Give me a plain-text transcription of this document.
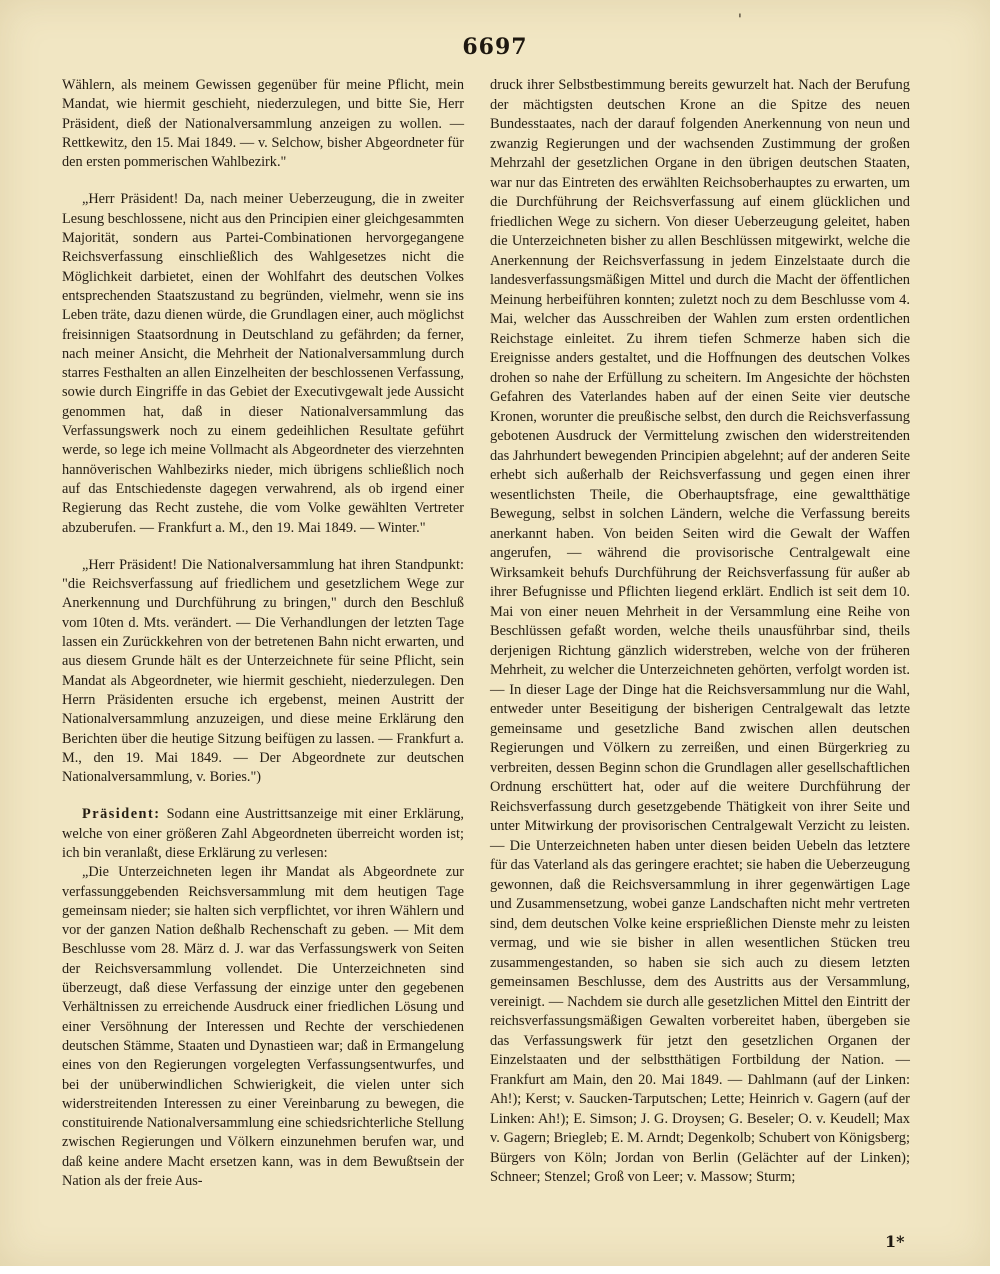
'
6697

Wählern, als meinem Gewissen gegenüber für meine Pflicht, mein Mandat, wie hiermit geschieht, niederzulegen, und bitte Sie, Herr Präsident, dieß der Nationalversammlung anzeigen zu wollen. — Rettkewitz, den 15. Mai 1849. — v. Selchow, bisher Abgeordneter für den ersten pommerischen Wahlbezirk."

„Herr Präsident! Da, nach meiner Ueberzeugung, die in zweiter Lesung beschlossene, nicht aus den Principien einer gleichgesammten Majorität, sondern aus Partei-Combinationen hervorgegangene Reichsverfassung einschließlich des Wahlgesetzes nicht die Möglichkeit darbietet, einen der Wohlfahrt des deutschen Volkes entsprechenden Staatszustand zu begründen, vielmehr, wenn sie ins Leben träte, dazu dienen würde, die Grundlagen einer, auch möglichst freisinnigen Staatsordnung in Deutschland zu gefährden; da ferner, nach meiner Ansicht, die Mehrheit der Nationalversammlung durch starres Festhalten an allen Einzelheiten der beschlossenen Verfassung, sowie durch Eingriffe in das Gebiet der Executivgewalt jede Aussicht genommen hat, daß in dieser Nationalversammlung das Verfassungswerk noch zu einem gedeihlichen Resultate geführt werde, so lege ich meine Vollmacht als Abgeordneter des vierzehnten hannöverischen Wahlbezirks nieder, mich übrigens schließlich noch auf das Entschiedenste dagegen verwahrend, als ob irgend einer Regierung das Recht zustehe, die vom Volke gewählten Vertreter abzuberufen. — Frankfurt a. M., den 19. Mai 1849. — Winter."

„Herr Präsident! Die Nationalversammlung hat ihren Standpunkt: "die Reichsverfassung auf friedlichem und gesetzlichem Wege zur Anerkennung und Durchführung zu bringen," durch den Beschluß vom 10ten d. Mts. verändert. — Die Verhandlungen der letzten Tage lassen ein Zurückkehren von der betretenen Bahn nicht erwarten, und aus diesem Grunde hält es der Unterzeichnete für seine Pflicht, sein Mandat als Abgeordneter, wie hiermit geschieht, niederzulegen. Den Herrn Präsidenten ersuche ich ergebenst, meinen Austritt der Nationalversammlung anzuzeigen, und diese meine Erklärung den Berichten über die heutige Sitzung beifügen zu lassen. — Frankfurt a. M., den 19. Mai 1849. — Der Abgeordnete zur deutschen Nationalversammlung, v. Bories.")

Präsident: Sodann eine Austrittsanzeige mit einer Erklärung, welche von einer größeren Zahl Abgeordneten überreicht worden ist; ich bin veranlaßt, diese Erklärung zu verlesen:

„Die Unterzeichneten legen ihr Mandat als Abgeordnete zur verfassunggebenden Reichsversammlung mit dem heutigen Tage gemeinsam nieder; sie halten sich verpflichtet, vor ihren Wählern und vor der ganzen Nation deßhalb Rechenschaft zu geben. — Mit dem Beschlusse vom 28. März d. J. war das Verfassungswerk von Seiten der Reichsversammlung vollendet. Die Unterzeichneten sind überzeugt, daß diese Verfassung der einzige unter den gegebenen Verhältnissen zu erreichende Ausdruck einer friedlichen Lösung und einer Versöhnung der Interessen und Rechte der verschiedenen deutschen Stämme, Staaten und Dynastieen war; daß in Ermangelung eines von den Regierungen vorgelegten Verfassungsentwurfes, und bei der unüberwindlichen Schwierigkeit, die vielen unter sich widerstreitenden Interessen zu einer Vereinbarung zu bewegen, die constituirende Nationalversammlung eine schiedsrichterliche Stellung zwischen Regierungen und Völkern einzunehmen berufen war, und daß keine andere Macht ersetzen kann, was in dem Bewußtsein der Nation als der freie Aus-

druck ihrer Selbstbestimmung bereits gewurzelt hat. Nach der Berufung der mächtigsten deutschen Krone an die Spitze des neuen Bundesstaates, nach der darauf folgenden Anerkennung von neun und zwanzig Regierungen und der wachsenden Zustimmung der großen Mehrzahl der gesetzlichen Organe in den übrigen deutschen Staaten, war nur das Eintreten des erwählten Reichsoberhauptes zu erwarten, um die Durchführung der Reichsverfassung auf einem glücklichen und friedlichen Wege zu sichern. Von dieser Ueberzeugung geleitet, haben die Unterzeichneten bisher zu allen Beschlüssen mitgewirkt, welche die Anerkennung der Reichsverfassung in jedem Einzelstaate durch die landesverfassungsmäßigen Mittel und durch die Macht der öffentlichen Meinung herbeiführen konnten; zuletzt noch zu dem Beschlusse vom 4. Mai, welcher das Ausschreiben der Wahlen zum ersten ordentlichen Reichstage einleitet. Zu ihrem tiefen Schmerze haben sich die Ereignisse anders gestaltet, und die Hoffnungen des deutschen Volkes drohen so nahe der Erfüllung zu scheitern. Im Angesichte der höchsten Gefahren des Vaterlandes haben auf der einen Seite vier deutsche Kronen, worunter die preußische selbst, den durch die Reichsverfassung gebotenen Ausdruck der Vermittelung zwischen den widerstreitenden das Jahrhundert bewegenden Principien abgelehnt; auf der anderen Seite erhebt sich außerhalb der Reichsverfassung und gegen einen ihrer wesentlichsten Theile, die Oberhauptsfrage, eine gewaltthätige Bewegung, selbst in solchen Ländern, welche die Verfassung bereits anerkannt haben. Von beiden Seiten wird die Gewalt der Waffen angerufen, — während die provisorische Centralgewalt eine Wirksamkeit behufs Durchführung der Reichsverfassung für außer ab ihrer Befugnisse und Pflichten liegend erklärt. Endlich ist seit dem 10. Mai von einer neuen Mehrheit in der Versammlung eine Reihe von Beschlüssen gefaßt worden, welche theils unausführbar sind, theils derjenigen Richtung gänzlich widerstreben, welche von der früheren Mehrheit, zu welcher die Unterzeichneten gehörten, verfolgt worden ist. — In dieser Lage der Dinge hat die Reichsversammlung nur die Wahl, entweder unter Beseitigung der bisherigen Centralgewalt das letzte gemeinsame und gesetzliche Band zwischen allen deutschen Regierungen und Völkern zu zerreißen, und einen Bürgerkrieg zu verbreiten, dessen Beginn schon die Grundlagen aller gesellschaftlichen Ordnung erschüttert hat, oder auf die weitere Durchführung der Reichsverfassung durch gesetzgebende Thätigkeit von ihrer Seite und unter Mitwirkung der provisorischen Centralgewalt Verzicht zu leisten. — Die Unterzeichneten haben unter diesen beiden Uebeln das letztere für das Vaterland als das geringere erachtet; sie haben die Ueberzeugung gewonnen, daß die Reichsversammlung in ihrer gegenwärtigen Lage und Zusammensetzung, wobei ganze Landschaften nicht mehr vertreten sind, dem deutschen Volke keine ersprießlichen Dienste mehr zu leisten vermag, und wie sie bisher in allen wesentlichen Stücken treu zusammengestanden, so haben sie sich auch zu diesem letzten gemeinsamen Beschlusse, dem des Austritts aus der Versammlung, vereinigt. — Nachdem sie durch alle gesetzlichen Mittel den Eintritt der reichsverfassungsmäßigen Gewalten vorbereitet haben, übergeben sie das Verfassungswerk für jetzt den gesetzlichen Organen der Einzelstaaten und der selbstthätigen Fortbildung der Nation. — Frankfurt am Main, den 20. Mai 1849. — Dahlmann (auf der Linken: Ah!); Kerst; v. Saucken-Tarputschen; Lette; Heinrich v. Gagern (auf der Linken: Ah!); E. Simson; J. G. Droysen; G. Beseler; O. v. Keudell; Max v. Gagern; Briegleb; E. M. Arndt; Degenkolb; Schubert von Königsberg; Bürgers von Köln; Jordan von Berlin (Gelächter auf der Linken); Schneer; Stenzel; Groß von Leer; v. Massow; Sturm;

1*
